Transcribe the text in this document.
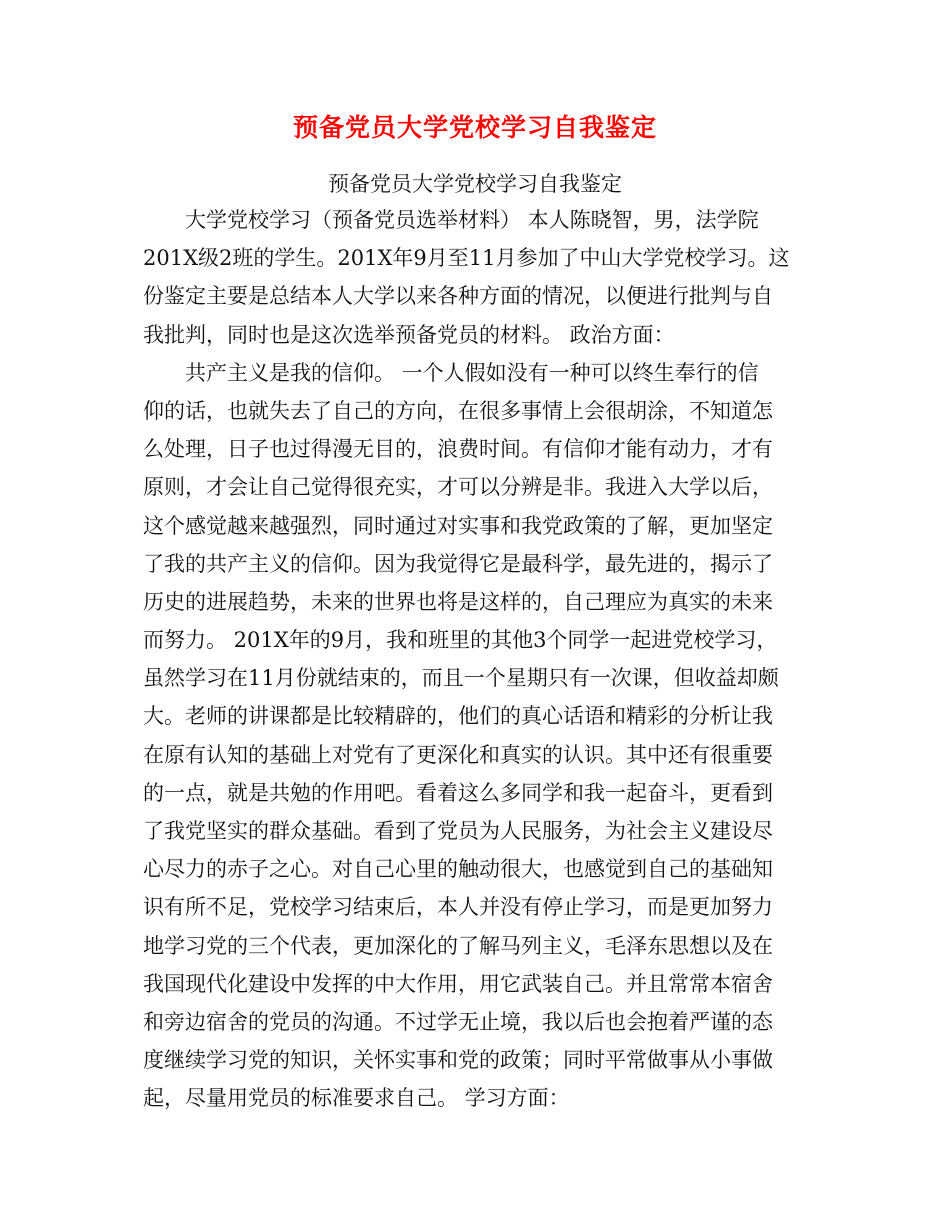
预备党员大学党校学习自我鉴定
预备党员大学党校学习自我鉴定
大学党校学习（预备党员选举材料） 本人陈晓智，男，法学院
201X级2班的学生。201X年9月至11月参加了中山大学党校学习。这
份鉴定主要是总结本人大学以来各种方面的情况，以便进行批判与自
我批判，同时也是这次选举预备党员的材料。 政治方面：
共产主义是我的信仰。 一个人假如没有一种可以终生奉行的信
仰的话，也就失去了自己的方向，在很多事情上会很胡涂，不知道怎
么处理，日子也过得漫无目的，浪费时间。有信仰才能有动力，才有
原则，才会让自己觉得很充实，才可以分辨是非。我进入大学以后，
这个感觉越来越强烈，同时通过对实事和我党政策的了解，更加坚定
了我的共产主义的信仰。因为我觉得它是最科学，最先进的，揭示了
历史的进展趋势，未来的世界也将是这样的，自己理应为真实的未来
而努力。 201X年的9月，我和班里的其他3个同学一起进党校学习，
虽然学习在11月份就结束的，而且一个星期只有一次课，但收益却颇
大。老师的讲课都是比较精辟的，他们的真心话语和精彩的分析让我
在原有认知的基础上对党有了更深化和真实的认识。其中还有很重要
的一点，就是共勉的作用吧。看着这么多同学和我一起奋斗，更看到
了我党坚实的群众基础。看到了党员为人民服务，为社会主义建设尽
心尽力的赤子之心。对自己心里的触动很大，也感觉到自己的基础知
识有所不足，党校学习结束后，本人并没有停止学习，而是更加努力
地学习党的三个代表，更加深化的了解马列主义，毛泽东思想以及在
我国现代化建设中发挥的中大作用，用它武装自己。并且常常本宿舍
和旁边宿舍的党员的沟通。不过学无止境，我以后也会抱着严谨的态
度继续学习党的知识，关怀实事和党的政策；同时平常做事从小事做
起，尽量用党员的标准要求自己。 学习方面：
